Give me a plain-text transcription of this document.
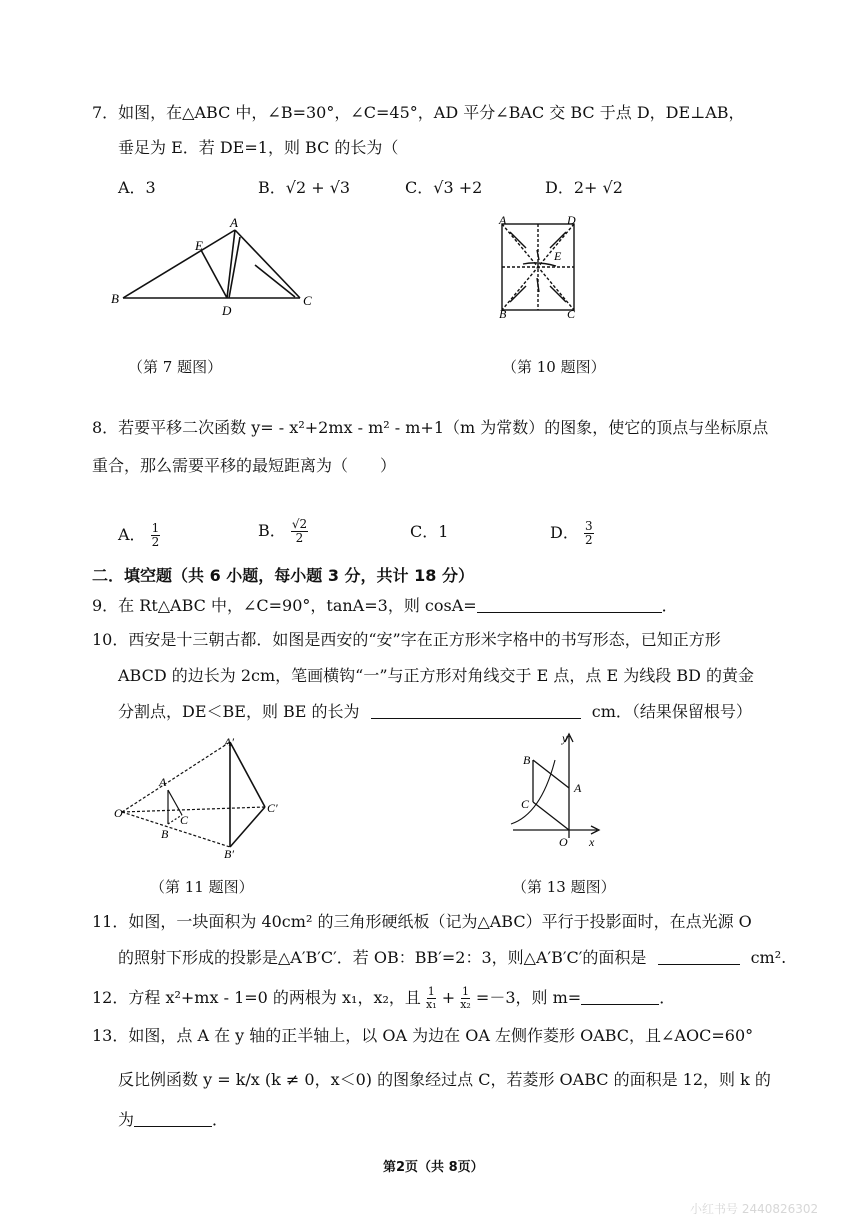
7．如图，在△ABC 中，∠B=30°，∠C=45°，AD 平分∠BAC 交 BC 于点 D，DE⊥AB，
垂足为 E．若 DE=1，则 BC 的长为（
A．3	B．√2 + √3	C．√3 +2	D．2+ √2
A
B	C
D
E
（第 7 题图）
A	D
B	C
E
（第 10 题图）
8．若要平移二次函数 y= - x²+2mx - m² - m+1（m 为常数）的图象，使它的顶点与坐标原点
重合，那么需要平移的最短距离为（　　）
A． $\frac{1}{2}$	B． $\frac{√2}{2}$	C．1	D． $\frac{3}{2}$
二．填空题（共 6 小题，每小题 3 分，共计 18 分）
9．在 Rt△ABC 中，∠C=90°，tanA=3，则 cosA=	．
10．西安是十三朝古都．如图是西安的“安”字在正方形米字格中的书写形态，已知正方形
ABCD 的边长为 2cm，笔画横钩“一”与正方形对角线交于 E 点，点 E 为线段 BD 的黄金
分割点，DE＜BE，则 BE 的长为	cm．（结果保留根号）
A′
A
O	C
B
C′
B′
（第 11 题图）
y
B
A
C
O x
（第 13 题图）
11．如图，一块面积为 40cm² 的三角形硬纸板（记为△ABC）平行于投影面时，在点光源 O
的照射下形成的投影是△A′B′C′．若 OB：BB′=2：3，则△A′B′C′的面积是	cm².
12．方程 x²+mx - 1=0 的两根为 x₁，x₂，且 $\frac{1}{\text{x₁}} + \frac{1}{\text{x₂}} =-3$，则 m=	．
13．如图，点 A 在 y 轴的正半轴上，以 OA 为边在 OA 左侧作菱形 OABC，且∠AOC=60°
反比例函数 y = k/x (k ≠ 0，x＜0) 的图象经过点 C，若菱形 OABC 的面积是 12，则 k 的
为	．
第2页（共 8页）
小红书号 2440826302
